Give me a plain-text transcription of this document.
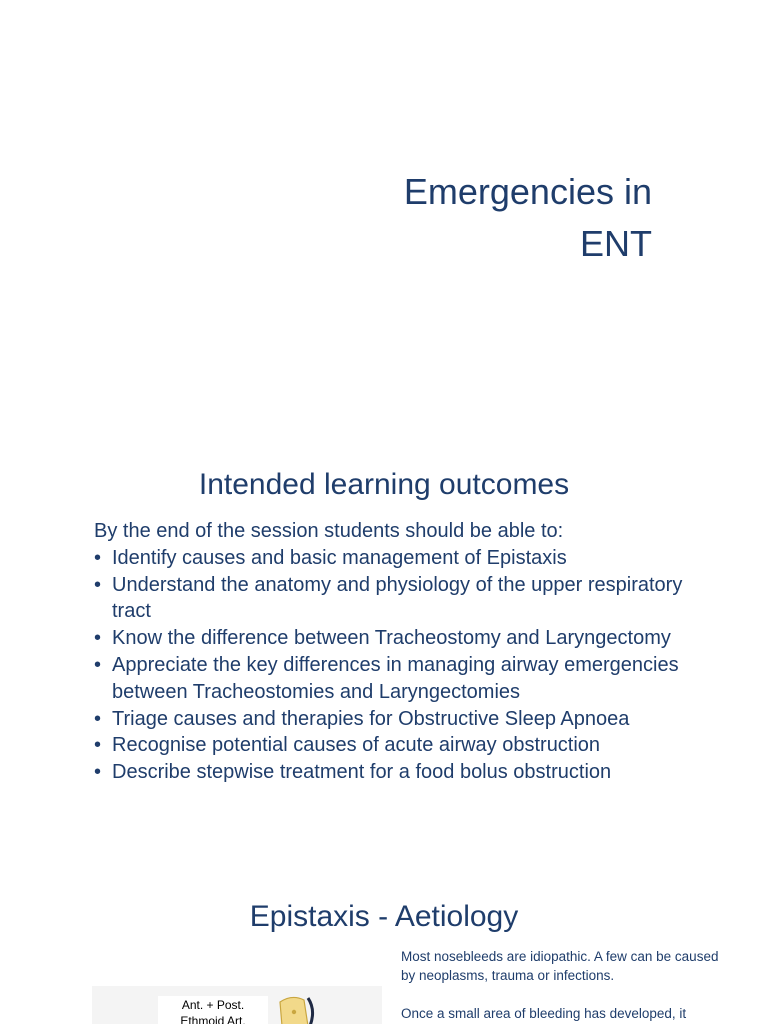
Emergencies in
ENT
Intended learning outcomes
By the end of the session students should be able to:
• Identify causes and basic management of Epistaxis
• Understand the anatomy and physiology of the upper respiratory tract
• Know the difference between Tracheostomy and Laryngectomy
• Appreciate the key differences in managing airway emergencies between Tracheostomies and Laryngectomies
• Triage causes and therapies for Obstructive Sleep Apnoea
• Recognise potential causes of acute airway obstruction
• Describe stepwise treatment for a food bolus obstruction
Epistaxis - Aetiology

Most nosebleeds are idiopathic. A few can be caused by neoplasms, trauma or infections.

Once a small area of bleeding has developed, it

Ant. + Post.
Ethmoid Art.
